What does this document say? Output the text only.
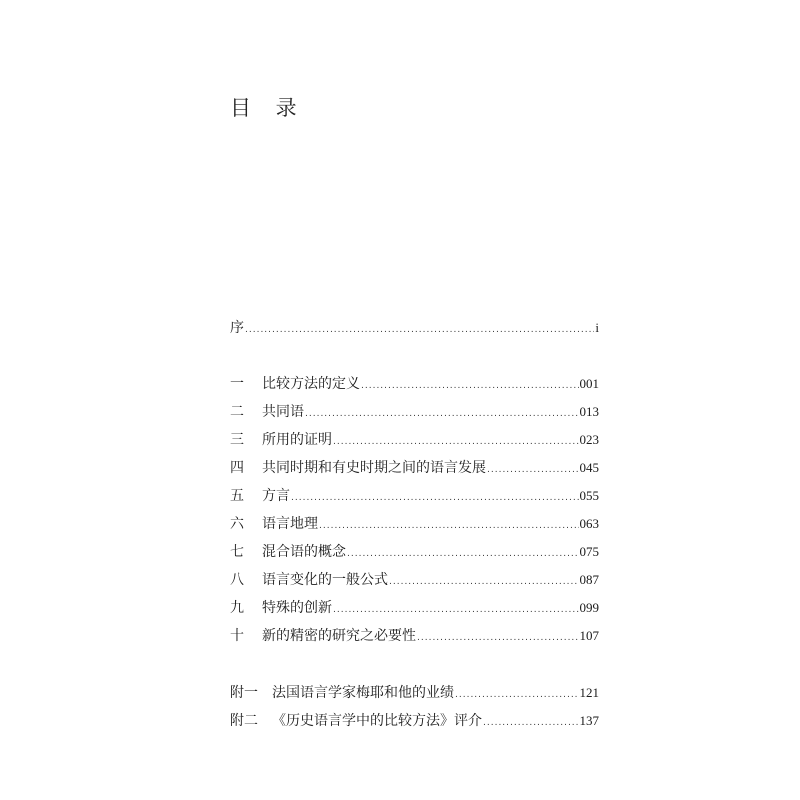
目 录
序 .....	i
一	比较方法的定义 .....	001
二	共同语 .....	013
三	所用的证明 .....	023
四	共同时期和有史时期之间的语言发展 .....	045
五	方言 .....	055
六	语言地理 .....	063
七	混合语的概念 .....	075
八	语言变化的一般公式 .....	087
九	特殊的创新 .....	099
十	新的精密的研究之必要性 .....	107
附一	法国语言学家梅耶和他的业绩 .....	121
附二	《历史语言学中的比较方法》评介 .....	137
